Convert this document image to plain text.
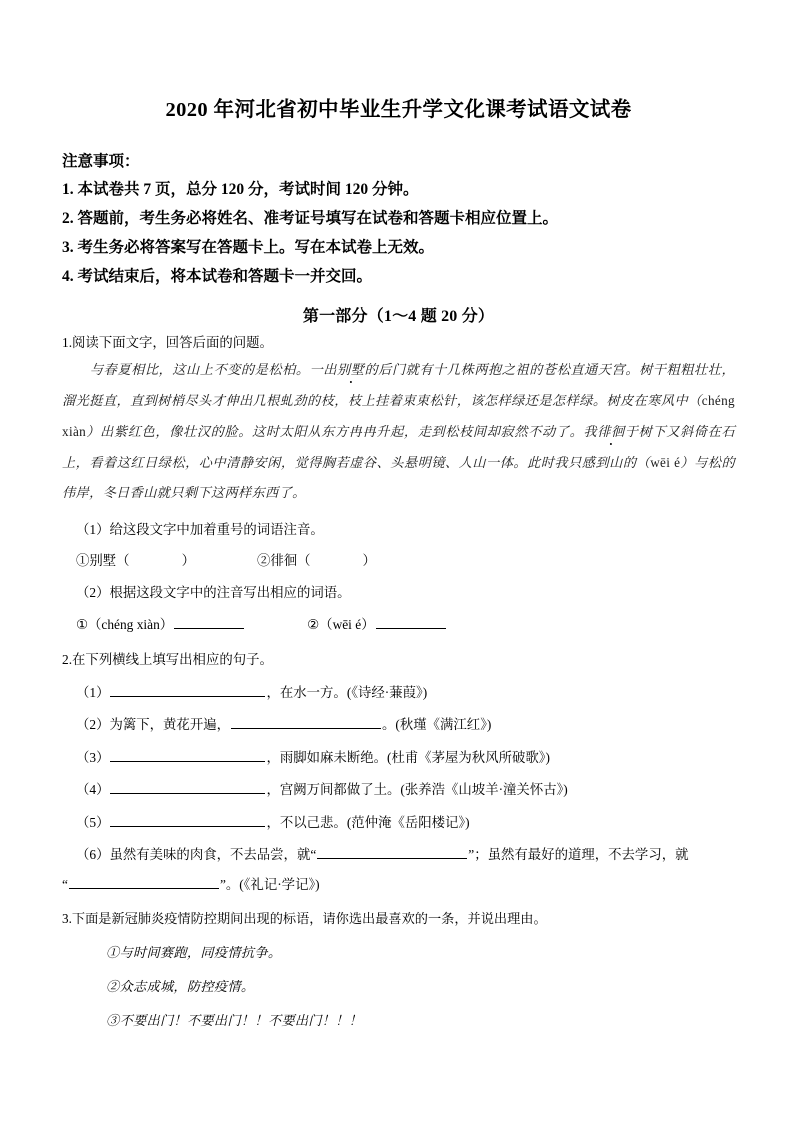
2020 年河北省初中毕业生升学文化课考试语文试卷
注意事项：
1. 本试卷共 7 页，总分 120 分，考试时间 120 分钟。
2. 答题前，考生务必将姓名、准考证号填写在试卷和答题卡相应位置上。
3. 考生务必将答案写在答题卡上。写在本试卷上无效。
4. 考试结束后，将本试卷和答题卡一并交回。
第一部分（1～4 题 20 分）
1.阅读下面文字，回答后面的问题。
与春夏相比，这山上不变的是松柏。一出别墅的后门就有十几株两抱之祖的苍松直通天宫。树干粗粗壮壮，溜光挺直，直到树梢尽头才伸出几根虬劲的枝，枝上挂着束束松针，该怎样绿还是怎样绿。树皮在寒风中（chéng xiàn）出紫红色，像壮汉的脸。这时太阳从东方冉冉升起，走到松枝间却寂然不动了。我徘徊于树下又斜倚在石上，看着这红日绿松，心中清静安闲，觉得胸若虚谷、头悬明镜、人山一体。此时我只感到山的（wēi é）与松的伟岸，冬日香山就只剩下这两样东西了。
（1）给这段文字中加着重号的词语注音。
①别墅（	）	②徘徊（	）
（2）根据这段文字中的注音写出相应的词语。
①（chéng xiàn）	②（wēi é）
2.在下列横线上填写出相应的句子。
（1）	，在水一方。(《诗经·蒹葭》)
（2）为篱下，黄花开遍，	。(秋瑾《满江红》)
（3）	，雨脚如麻未断绝。(杜甫《茅屋为秋风所破歌》)
（4）	，宫阙万间都做了土。(张养浩《山坡羊·潼关怀古》)
（5）	，不以己悲。(范仲淹《岳阳楼记》)
（6）虽然有美味的肉食，不去品尝，就“	”；虽然有最好的道理，不去学习，就
“	”。(《礼记·学记》)
3.下面是新冠肺炎疫情防控期间出现的标语，请你选出最喜欢的一条，并说出理由。
①与时间赛跑，同疫情抗争。
②众志成城，防控疫情。
③不要出门！不要出门！！不要出门！！！
